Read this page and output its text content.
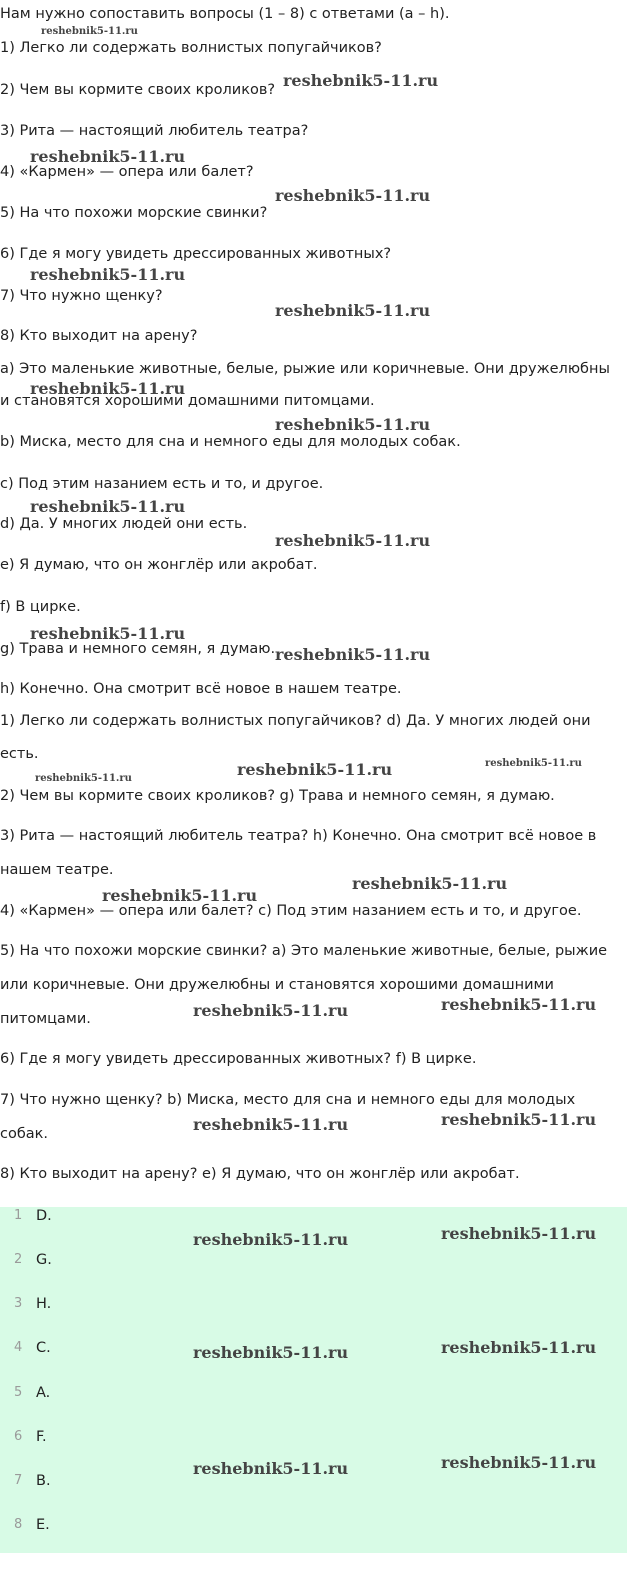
Нам нужно сопоставить вопросы (1 – 8) с ответами (a – h).
1) Легко ли содержать волнистых попугайчиков?
2) Чем вы кормите своих кроликов?
3) Рита — настоящий любитель театра?
4) «Кармен» — опера или балет?
5) На что похожи морские свинки?
6) Где я могу увидеть дрессированных животных?
7) Что нужно щенку?
8) Кто выходит на арену?
a) Это маленькие животные, белые, рыжие или коричневые. Они дружелюбны
и становятся хорошими домашними питомцами.
b) Миска, место для сна и немного еды для молодых собак.
c) Под этим назанием есть и то, и другое.
d) Да. У многих людей они есть.
e) Я думаю, что он жонглёр или акробат.
f) В цирке.
g) Трава и немного семян, я думаю.
h) Конечно. Она смотрит всё новое в нашем театре.
1) Легко ли содержать волнистых попугайчиков? d) Да. У многих людей они
есть.
2) Чем вы кормите своих кроликов? g) Трава и немного семян, я думаю.
3) Рита — настоящий любитель театра? h) Конечно. Она смотрит всё новое в
нашем театре.
4) «Кармен» — опера или балет? c) Под этим назанием есть и то, и другое.
5) На что похожи морские свинки? a) Это маленькие животные, белые, рыжие
или коричневые. Они дружелюбны и становятся хорошими домашними
питомцами.
6) Где я могу увидеть дрессированных животных? f) В цирке.
7) Что нужно щенку? b) Миска, место для сна и немного еды для молодых
собак.
8) Кто выходит на арену? e) Я думаю, что он жонглёр или акробат.
1 D.
2 G.
3 H.
4 C.
5 A.
6 F.
7 B.
8 E.
reshebnik5-11.ru
reshebnik5-11.ru
reshebnik5-11.ru
reshebnik5-11.ru
reshebnik5-11.ru
reshebnik5-11.ru
reshebnik5-11.ru
reshebnik5-11.ru
reshebnik5-11.ru
reshebnik5-11.ru
reshebnik5-11.ru
reshebnik5-11.ru
reshebnik5-11.ru	reshebnik5-11.ru
reshebnik5-11.ru
reshebnik5-11.ru
reshebnik5-11.ru
reshebnik5-11.ru
reshebnik5-11.ru
reshebnik5-11.ru
reshebnik5-11.ru
reshebnik5-11.ru
reshebnik5-11.ru
reshebnik5-11.ru
reshebnik5-11.ru
reshebnik5-11.ru
reshebnik5-11.ru
